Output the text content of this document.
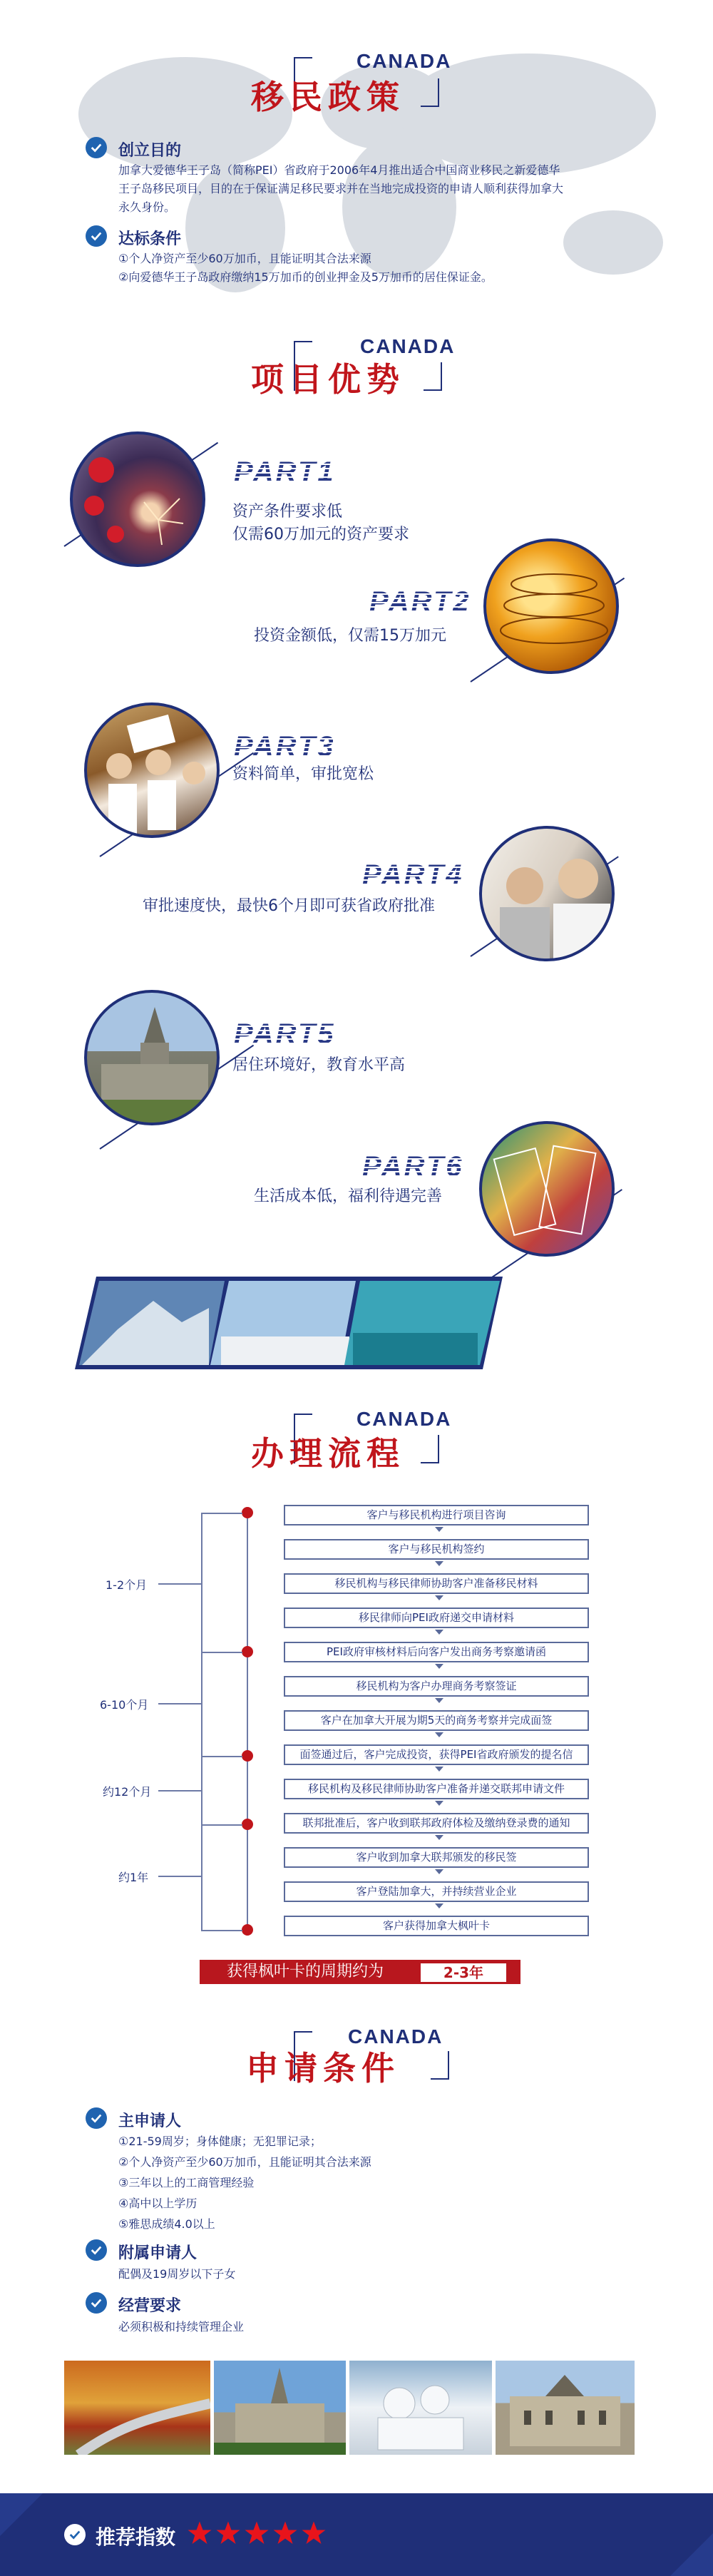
CANADA
移民政策
创立目的
加拿大爱德华王子岛（简称PEI）省政府于2006年4月推出适合中国商业移民之新爱德华
王子岛移民项目，目的在于保证满足移民要求并在当地完成投资的申请人顺利获得加拿大
永久身份。
达标条件
①个人净资产至少60万加币，且能证明其合法来源
②向爱德华王子岛政府缴纳15万加币的创业押金及5万加币的居住保证金。
CANADA
项目优势
PART1
资产条件要求低
仅需60万加元的资产要求
PART2
投资金额低，仅需15万加元
PART3
资料简单，审批宽松
PART4
审批速度快，最快6个月即可获省政府批准
PART5
居住环境好，教育水平高
PART6
生活成本低，福利待遇完善
CANADA
办理流程
1-2个月
6-10个月
约12个月
约1年
客户与移民机构进行项目咨询
客户与移民机构签约
移民机构与移民律师协助客户准备移民材料
移民律师向PEI政府递交申请材料
PEI政府审核材料后向客户发出商务考察邀请函
移民机构为客户办理商务考察签证
客户在加拿大开展为期5天的商务考察并完成面签
面签通过后，客户完成投资，获得PEI省政府颁发的提名信
移民机构及移民律师协助客户准备并递交联邦申请文件
联邦批准后，客户收到联邦政府体检及缴纳登录费的通知
客户收到加拿大联邦颁发的移民签
客户登陆加拿大，并持续营业企业
客户获得加拿大枫叶卡
获得枫叶卡的周期约为	2-3年
CANADA
申请条件
主申请人
①21-59周岁；身体健康；无犯罪记录；
②个人净资产至少60万加币，且能证明其合法来源
③三年以上的工商管理经验
④高中以上学历
⑤雅思成绩4.0以上
附属申请人
配偶及19周岁以下子女
经营要求
必须积极和持续管理企业
推荐指数
